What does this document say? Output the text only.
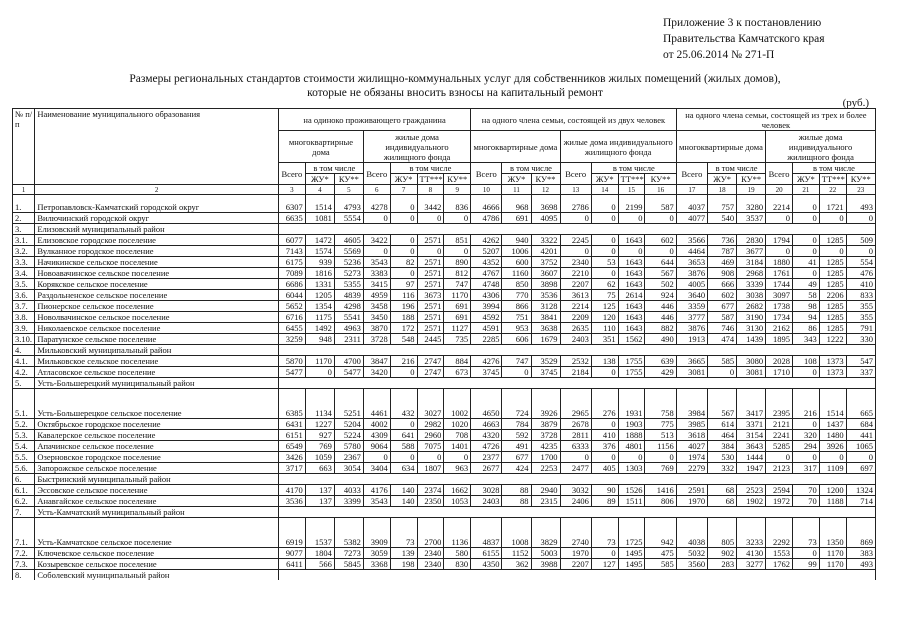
Приложение 3 к постановлению
Правительства Камчатского края
от 25.06.2014 № 271-П
Размеры региональных стандартов стоимости жилищно-коммунальных услуг для собственников жилых помещений (жилых домов),
которые не обязаны вносить взносы на капитальный ремонт
(руб.)
№ п/п	Наименование муниципального образования	на одиноко проживающего гражданина							на одного члена семьи, состоящей из двух человек							на одного члена семьи, состоящей из трех и более человек						
		многоквартирные дома			жилые дома индивидуального жилищного фонда				многоквартирные дома			жилые дома индивидуального жилищного фонда				многоквартирные дома			жилые дома индивидуального жилищного фонда			
		Всего	в том числе		Всего	в том числе			Всего	в том числе		Всего	в том числе			Всего	в том числе		Всего	в том числе		
			ЖУ*	КУ**		ЖУ*	ТТ***	КУ**		ЖУ*	КУ**		ЖУ*	ТТ***	КУ**		ЖУ*	КУ**		ЖУ*	ТТ***	КУ**
1	2	3	4	5	6	7	8	9	10	11	12	13	14	15	16	17	18	19	20	21	22	23
1.	Петропавловск-Камчатский городской округ	6307	1514	4793	4278	0	3442	836	4666	968	3698	2786	0	2199	587	4037	757	3280	2214	0	1721	493
2.	Вилючинский городской округ	6635	1081	5554	0	0	0	0	4786	691	4095	0	0	0	0	4077	540	3537	0	0	0	0
3.	Елизовский муниципальный район																					
3.1.	Елизовское городское поселение	6077	1472	4605	3422	0	2571	851	4262	940	3322	2245	0	1643	602	3566	736	2830	1794	0	1285	509
3.2.	Вулканное городское поселение	7143	1574	5569	0	0	0	0	5207	1006	4201	0	0	0	0	4464	787	3677	0	0	0	0
3.3.	Начикинское сельское поселение	6175	939	5236	3543	82	2571	890	4352	600	3752	2340	53	1643	644	3653	469	3184	1880	41	1285	554
3.4.	Новоавачинское сельское поселение	7089	1816	5273	3383	0	2571	812	4767	1160	3607	2210	0	1643	567	3876	908	2968	1761	0	1285	476
3.5.	Корякское сельское поселение	6686	1331	5355	3415	97	2571	747	4748	850	3898	2207	62	1643	502	4005	666	3339	1744	49	1285	410
3.6.	Раздольненское сельское поселение	6044	1205	4839	4959	116	3673	1170	4306	770	3536	3613	75	2614	924	3640	602	3038	3097	58	2206	833
3.7.	Пионерское сельское поселение	5652	1354	4298	3458	196	2571	691	3994	866	3128	2214	125	1643	446	3359	677	2682	1738	98	1285	355
3.8.	Новолвачинское сельское поселение	6716	1175	5541	3450	188	2571	691	4592	751	3841	2209	120	1643	446	3777	587	3190	1734	94	1285	355
3.9.	Николаевское сельское поселение	6455	1492	4963	3870	172	2571	1127	4591	953	3638	2635	110	1643	882	3876	746	3130	2162	86	1285	791
3.10.	Паратунское сельское поселение	3259	948	2311	3728	548	2445	735	2285	606	1679	2403	351	1562	490	1913	474	1439	1895	343	1222	330
4.	Мильковский муниципальный район																					
4.1.	Мильковское сельское поселение	5870	1170	4700	3847	216	2747	884	4276	747	3529	2532	138	1755	639	3665	585	3080	2028	108	1373	547
4.2.	Атласовское сельское поселение	5477	0	5477	3420	0	2747	673	3745	0	3745	2184	0	1755	429	3081	0	3081	1710	0	1373	337
5.	Усть-Большерецкий муниципальный район																					
5.1.	Усть-Большерецкое сельское поселение	6385	1134	5251	4461	432	3027	1002	4650	724	3926	2965	276	1931	758	3984	567	3417	2395	216	1514	665
5.2.	Октябрьское городское поселение	6431	1227	5204	4002	0	2982	1020	4663	784	3879	2678	0	1903	775	3985	614	3371	2121	0	1437	684
5.3.	Кавалерское сельское поселение	6151	927	5224	4309	641	2960	708	4320	592	3728	2811	410	1888	513	3618	464	3154	2241	320	1480	441
5.4.	Апачинское сельское поселение	6549	769	5780	9064	588	7075	1401	4726	491	4235	6333	376	4801	1156	4027	384	3643	5285	294	3926	1065
5.5.	Озерновское городское поселение	3426	1059	2367	0	0	0	0	2377	677	1700	0	0	0	0	1974	530	1444	0	0	0	0
5.6.	Запорожское сельское поселение	3717	663	3054	3404	634	1807	963	2677	424	2253	2477	405	1303	769	2279	332	1947	2123	317	1109	697
6.	Быстринский муниципальный район																					
6.1.	Эссовское сельское поселение	4170	137	4033	4176	140	2374	1662	3028	88	2940	3032	90	1526	1416	2591	68	2523	2594	70	1200	1324
6.2.	Анавгайское сельское поселение	3536	137	3399	3543	140	2350	1053	2403	88	2315	2406	89	1511	806	1970	68	1902	1972	70	1188	714
7.	Усть-Камчатский муниципальный район																					
7.1.	Усть-Камчатское сельское поселение	6919	1537	5382	3909	73	2700	1136	4837	1008	3829	2740	73	1725	942	4038	805	3233	2292	73	1350	869
7.2.	Ключевское сельское поселение	9077	1804	7273	3059	139	2340	580	6155	1152	5003	1970	0	1495	475	5032	902	4130	1553	0	1170	383
7.3.	Козыревское сельское поселение	6411	566	5845	3368	198	2340	830	4350	362	3988	2207	127	1495	585	3560	283	3277	1762	99	1170	493
8.	Соболевский муниципальный район																					
